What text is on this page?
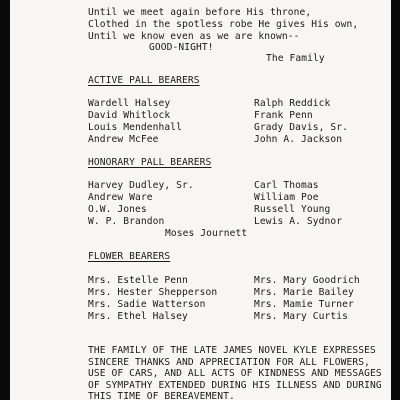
Until we meet again before His throne,
Clothed in the spotless robe He gives His own,
Until we know even as we are known--
GOOD-NIGHT!
The Family
ACTIVE PALL BEARERS
Wardell Halsey
David Whitlock
Louis Mendenhall
Andrew McFee
Ralph Reddick
Frank Penn
Grady Davis, Sr.
John A. Jackson
HONORARY PALL BEARERS
Harvey Dudley, Sr.
Andrew Ware
O.W. Jones
W. P. Brandon
Carl Thomas
William Poe
Russell Young
Lewis A. Sydnor
Moses Journett
FLOWER BEARERS
Mrs. Estelle Penn
Mrs. Hester Shepperson
Mrs. Sadie Watterson
Mrs. Ethel Halsey
Mrs. Mary Goodrich
Mrs. Marie Bailey
Mrs. Mamie Turner
Mrs. Mary Curtis
THE FAMILY OF THE LATE JAMES NOVEL KYLE EXPRESSES
SINCERE THANKS AND APPRECIATION FOR ALL FLOWERS,
USE OF CARS, AND ALL ACTS OF KINDNESS AND MESSAGES
OF SYMPATHY EXTENDED DURING HIS ILLNESS AND DURING
THIS TIME OF BEREAVEMENT.
